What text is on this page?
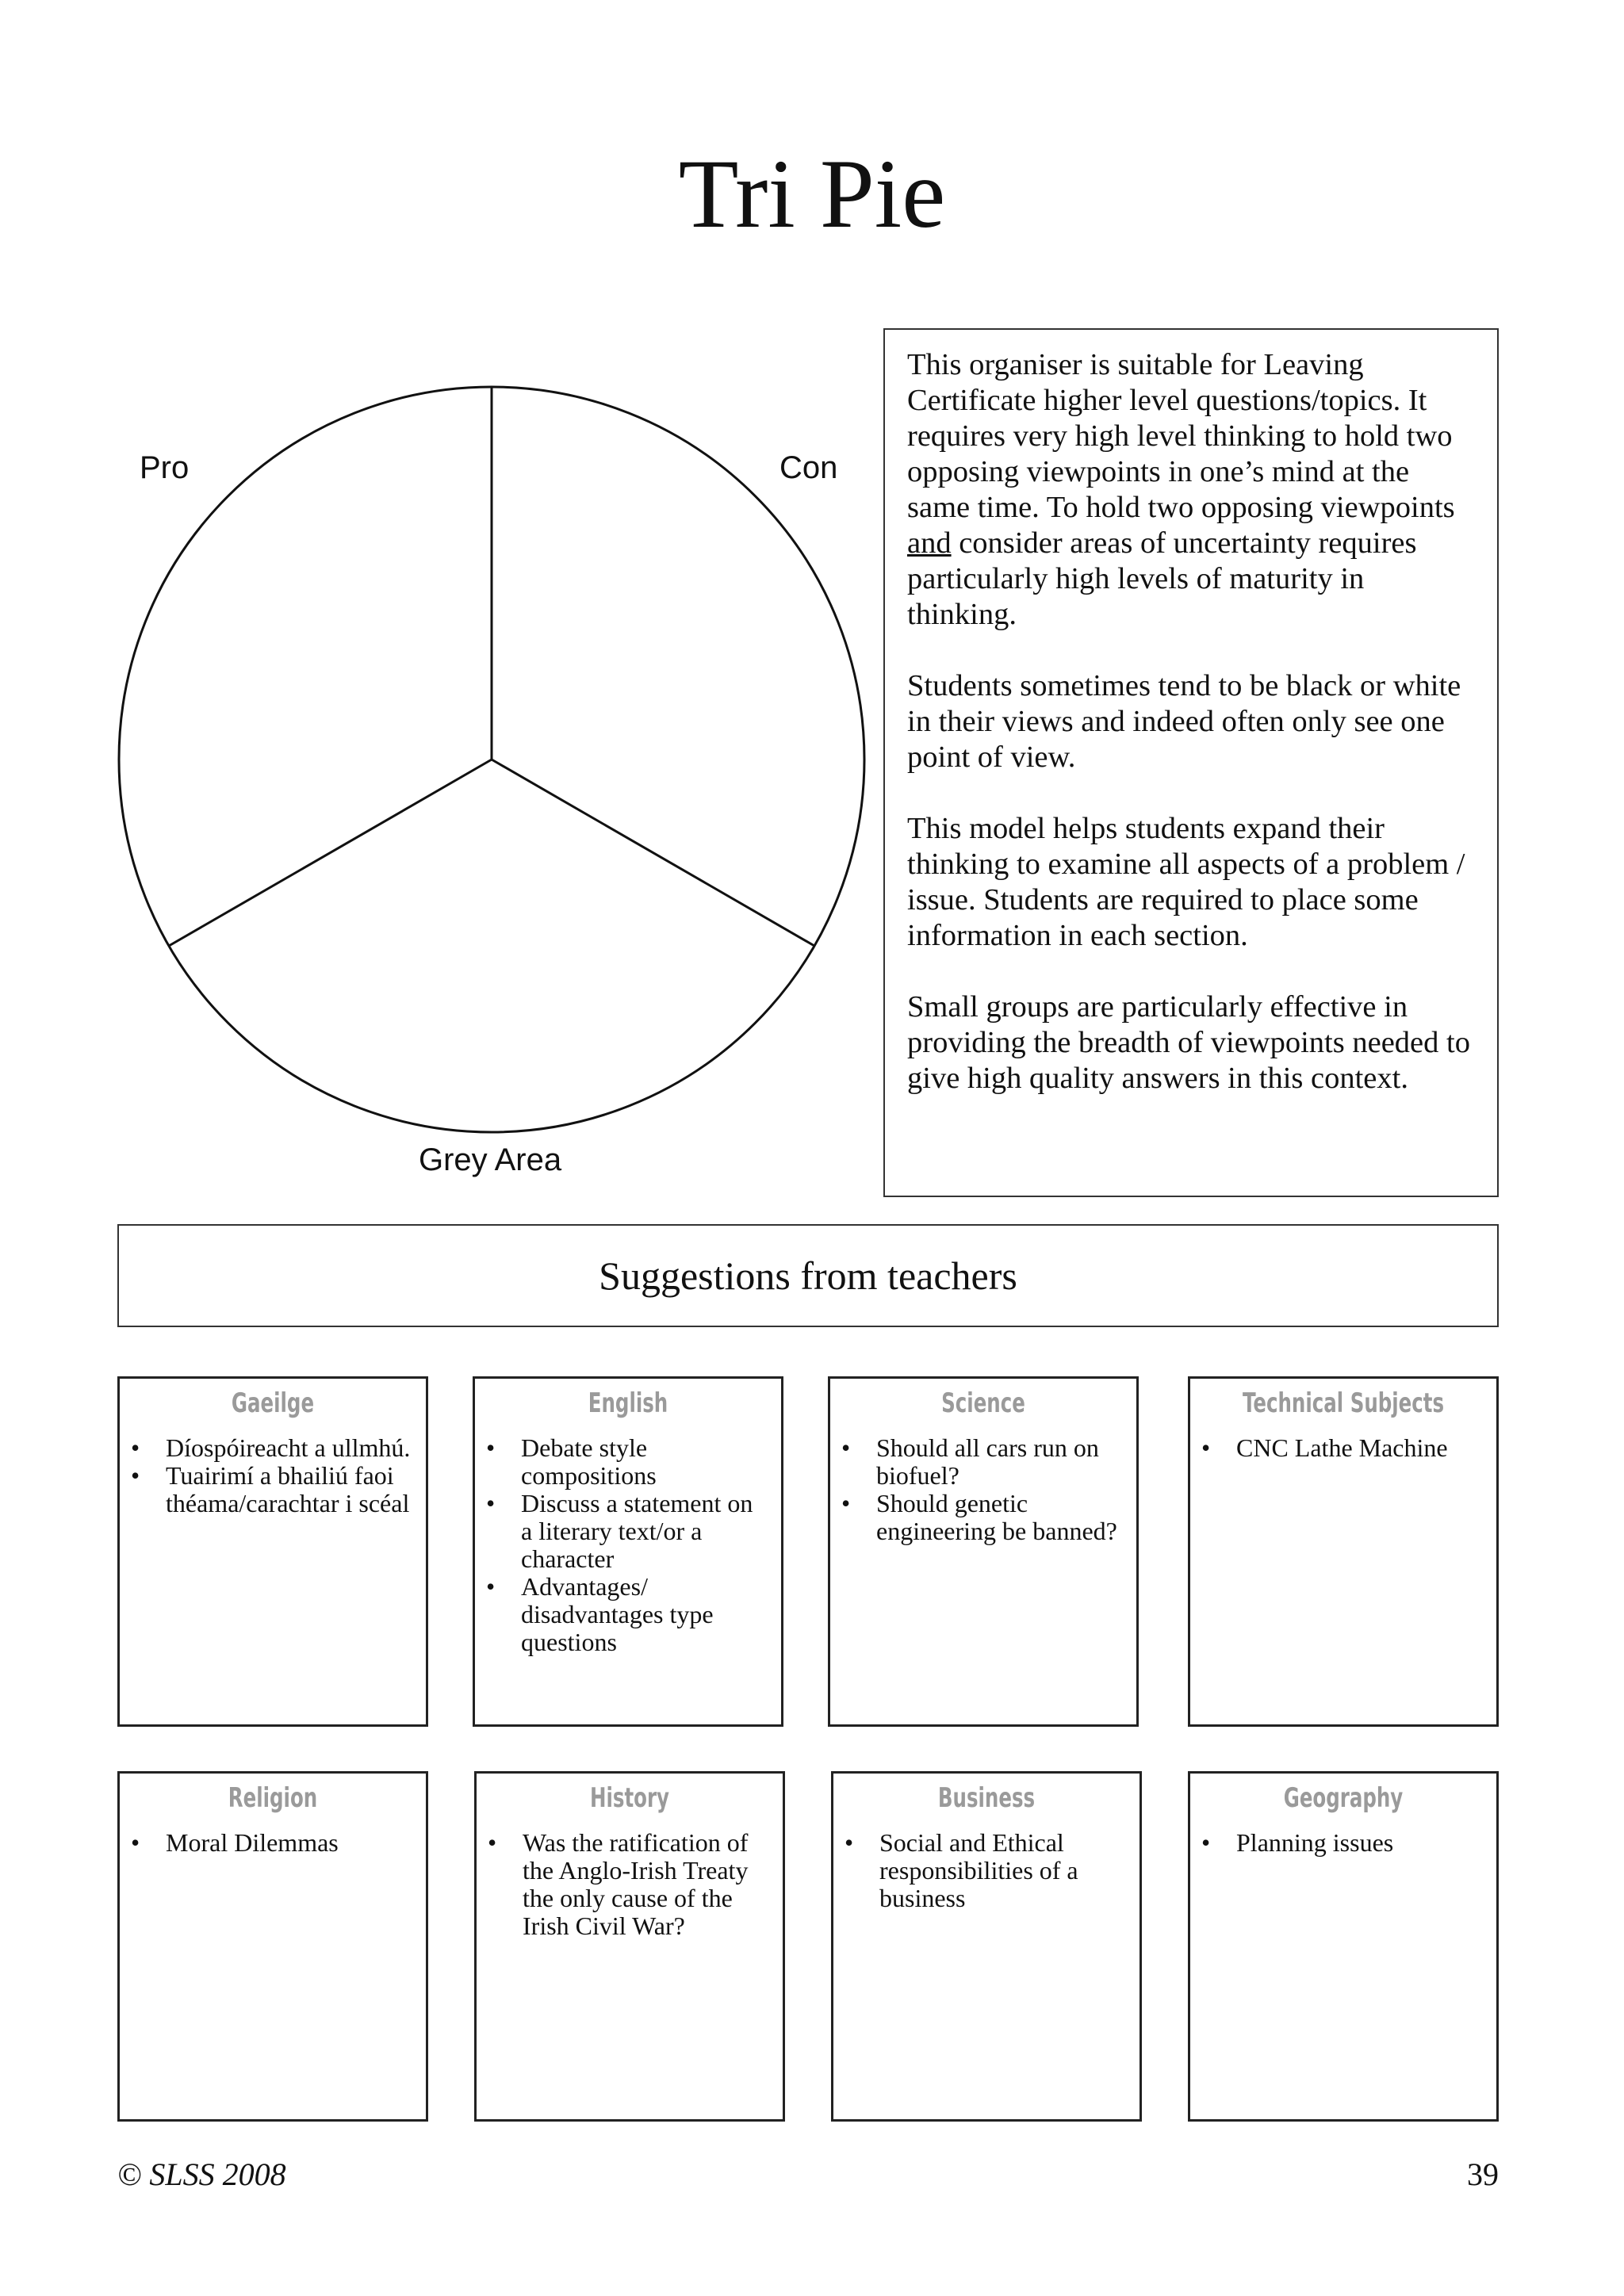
Tri Pie
Pro	Con
Grey Area

This organiser is suitable for Leaving Certificate higher level questions/topics. It requires very high level thinking to hold two opposing viewpoints in one’s mind at the same time. To hold two opposing viewpoints and consider areas of uncertainty requires particularly high levels of maturity in thinking.

Students sometimes tend to be black or white in their views and indeed often only see one point of view.

This model helps students expand their thinking to examine all aspects of a problem / issue. Students are required to place some information in each section.

Small groups are particularly effective in providing the breadth of viewpoints needed to give high quality answers in this context.

Suggestions from teachers
Gaeilge
•	Díospóireacht a ullmhú.
•	Tuairimí a bhailiú faoi théama/carachtar i scéal
English
•	Debate style compositions
•	Discuss a statement on a literary text/or a character
•	Advantages/ disadvantages type questions
Science
•	Should all cars run on biofuel?
•	Should genetic engineering be banned?
Technical Subjects
•	CNC Lathe Machine
Religion
•	Moral Dilemmas
History
•	Was the ratification of the Anglo-Irish Treaty the only cause of the Irish Civil War?
Business
•	Social and Ethical responsibilities of a business
Geography
•	Planning issues
© SLSS 2008	39
